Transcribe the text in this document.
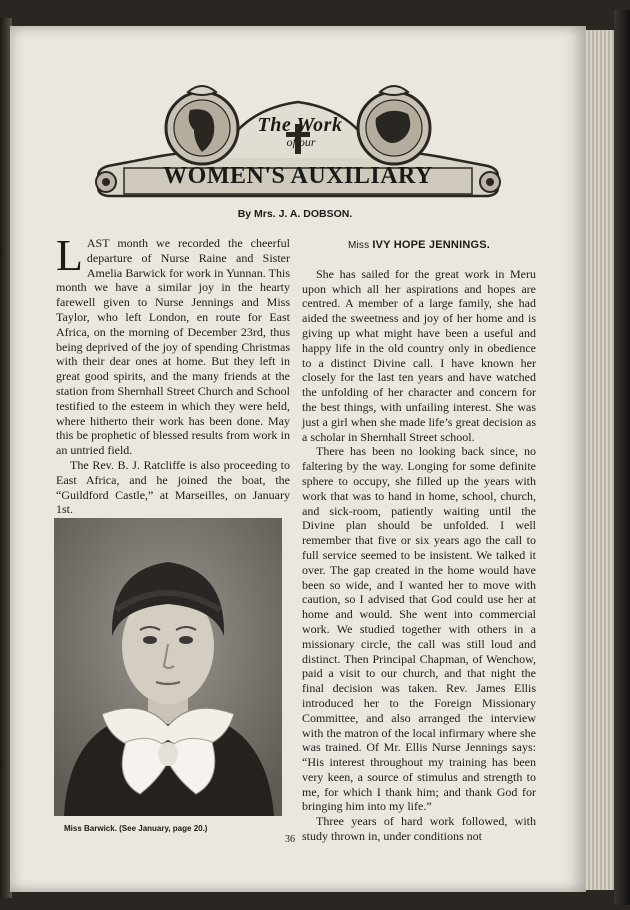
The Work
of our
WOMEN'S AUXILIARY
By Mrs. J. A. DOBSON.

LAST month we recorded the cheerful departure of Nurse Raine and Sister Amelia Barwick for work in Yunnan. This month we have a similar joy in the hearty farewell given to Nurse Jennings and Miss Taylor, who left London, en route for East Africa, on the morning of December 23rd, thus being deprived of the joy of spending Christmas with their dear ones at home. But they left in great good spirits, and the many friends at the station from Shernhall Street Church and School testified to the esteem in which they were held, where hitherto their work has been done. May this be prophetic of blessed results from work in an untried field.

The Rev. B. J. Ratcliffe is also proceeding to East Africa, and he joined the boat, the “Guildford Castle,” at Marseilles, on January 1st.

Miss Barwick. (See January, page 20.)

Miss IVY HOPE JENNINGS.

She has sailed for the great work in Meru upon which all her aspirations and hopes are centred. A member of a large family, she had aided the sweetness and joy of her home and is giving up what might have been a useful and happy life in the old country only in obedience to a distinct Divine call. I have known her closely for the last ten years and have watched the unfolding of her character and concern for the best things, with unfailing interest. She was just a girl when she made life’s great decision as a scholar in Shernhall Street school.

There has been no looking back since, no faltering by the way. Longing for some definite sphere to occupy, she filled up the years with work that was to hand in home, school, church, and sick-room, patiently waiting until the Divine plan should be unfolded. I well remember that five or six years ago the call to full service seemed to be insistent. We talked it over. The gap created in the home would have been so wide, and I wanted her to move with caution, so I advised that God could use her at home and would. She went into commercial work. We studied together with others in a missionary circle, the call was still loud and distinct. Then Principal Chapman, of Wenchow, paid a visit to our church, and that night the final decision was taken. Rev. James Ellis introduced her to the Foreign Missionary Committee, and also arranged the interview with the matron of the local infirmary where she was trained. Of Mr. Ellis Nurse Jennings says: “His interest throughout my training has been very keen, a source of stimulus and strength to me, for which I thank him; and thank God for bringing him into my life.”

Three years of hard work followed, with study thrown in, under conditions not

36
